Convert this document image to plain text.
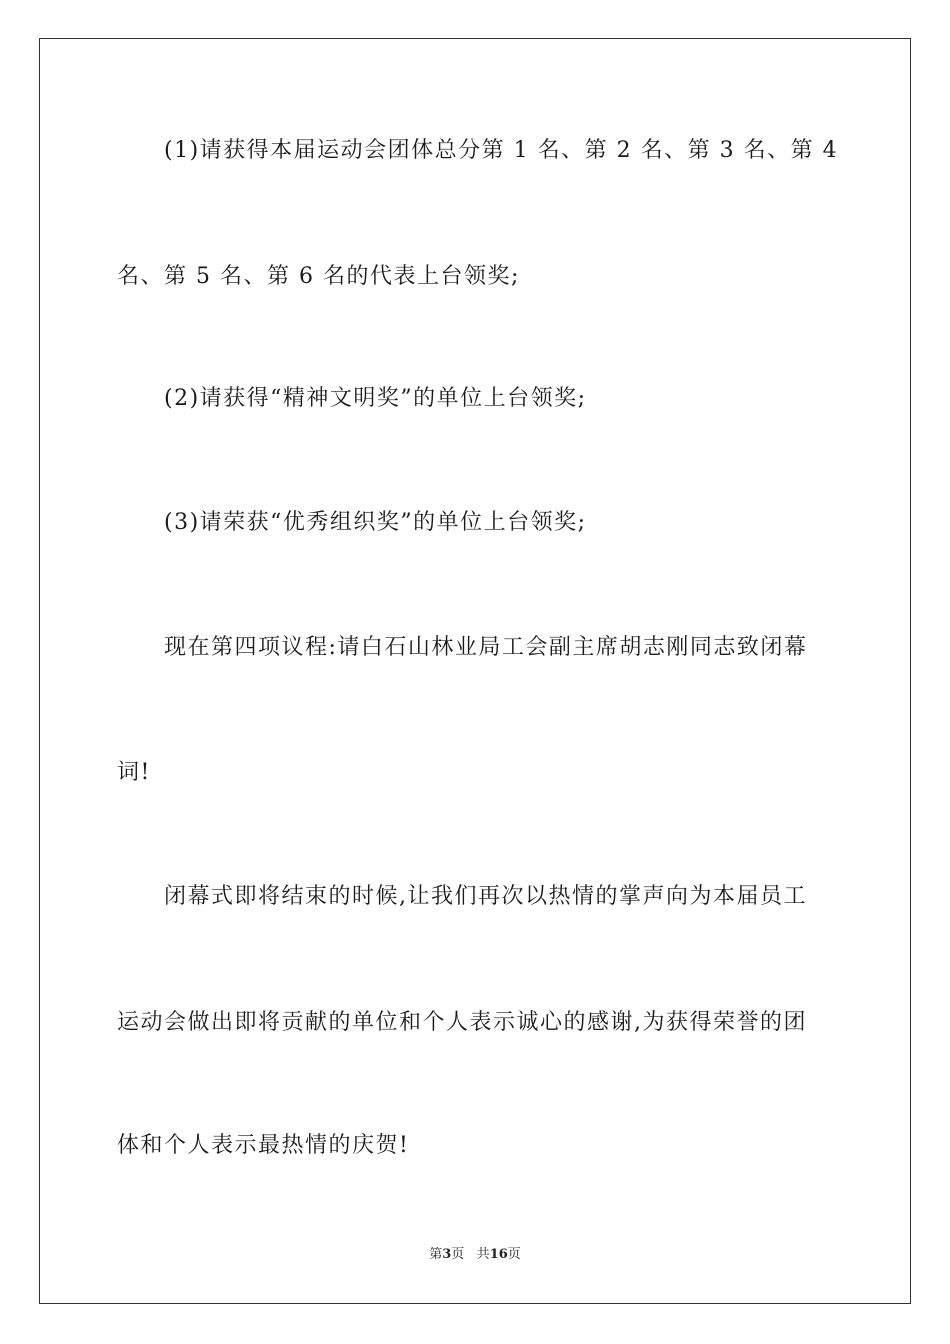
(1)请获得本届运动会团体总分第 1 名、第 2 名、第 3 名、第 4
名、第 5 名、第 6 名的代表上台领奖;
(2)请获得“精神文明奖”的单位上台领奖;
(3)请荣获“优秀组织奖”的单位上台领奖;
现在第四项议程:请白石山林业局工会副主席胡志刚同志致闭幕
词!
闭幕式即将结束的时候,让我们再次以热情的掌声向为本届员工
运动会做出即将贡献的单位和个人表示诚心的感谢,为获得荣誉的团
体和个人表示最热情的庆贺!
第3页 共16页
